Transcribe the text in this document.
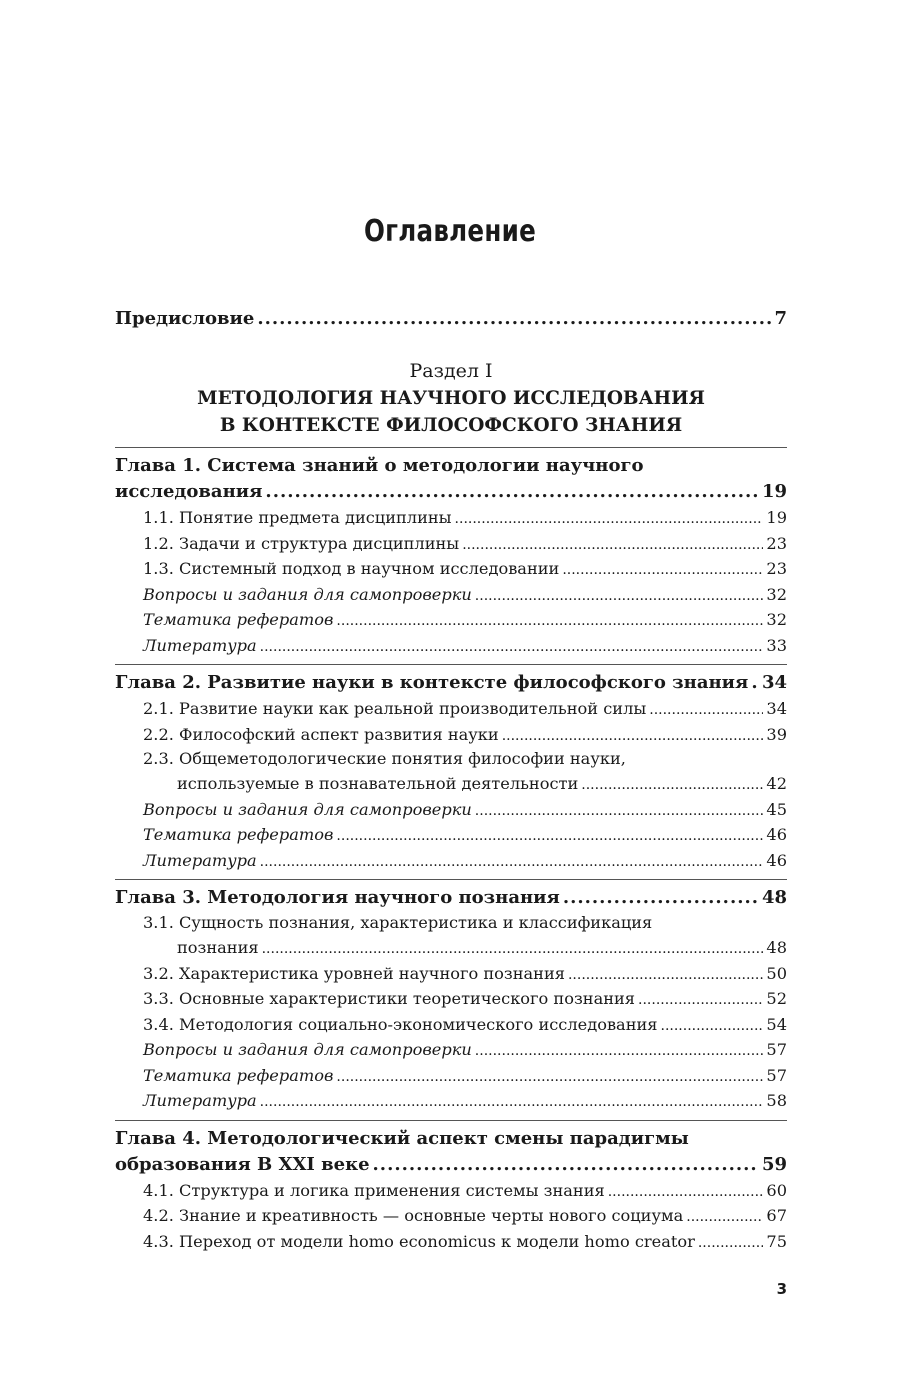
Оглавление
Предисловие .....	7
Раздел I
МЕТОДОЛОГИЯ НАУЧНОГО ИССЛЕДОВАНИЯ
В КОНТЕКСТЕ ФИЛОСОФСКОГО ЗНАНИЯ
Глава 1. Система знаний о методологии научного
исследования .....	19
1.1. Понятие предмета дисциплины .....	19
1.2. Задачи и структура дисциплины .....	23
1.3. Системный подход в научном исследовании .....	23
Вопросы и задания для самопроверки .....	32
Тематика рефератов .....	32
Литература .....	33
Глава 2. Развитие науки в контексте философского знания ..... 34
2.1. Развитие науки как реальной производительной силы .....	34
2.2. Философский аспект развития науки .....	39
2.3. Общеметодологические понятия философии науки,
используемые в познавательной деятельности .....	42
Вопросы и задания для самопроверки .....	45
Тематика рефератов .....	46
Литература .....	46
Глава 3. Методология научного познания .....	48
3.1. Сущность познания, характеристика и классификация
познания .....	48
3.2. Характеристика уровней научного познания .....	50
3.3. Основные характеристики теоретического познания .....	52
3.4. Методология социально-экономического исследования .....	54
Вопросы и задания для самопроверки .....	57
Тематика рефератов .....	57
Литература .....	58
Глава 4. Методологический аспект смены парадигмы
образования В XXI веке .....	59
4.1. Структура и логика применения системы знания .....	60
4.2. Знание и креативность — основные черты нового социума .....	67
4.3. Переход от модели homo economicus к модели homo creator .....	75
3
